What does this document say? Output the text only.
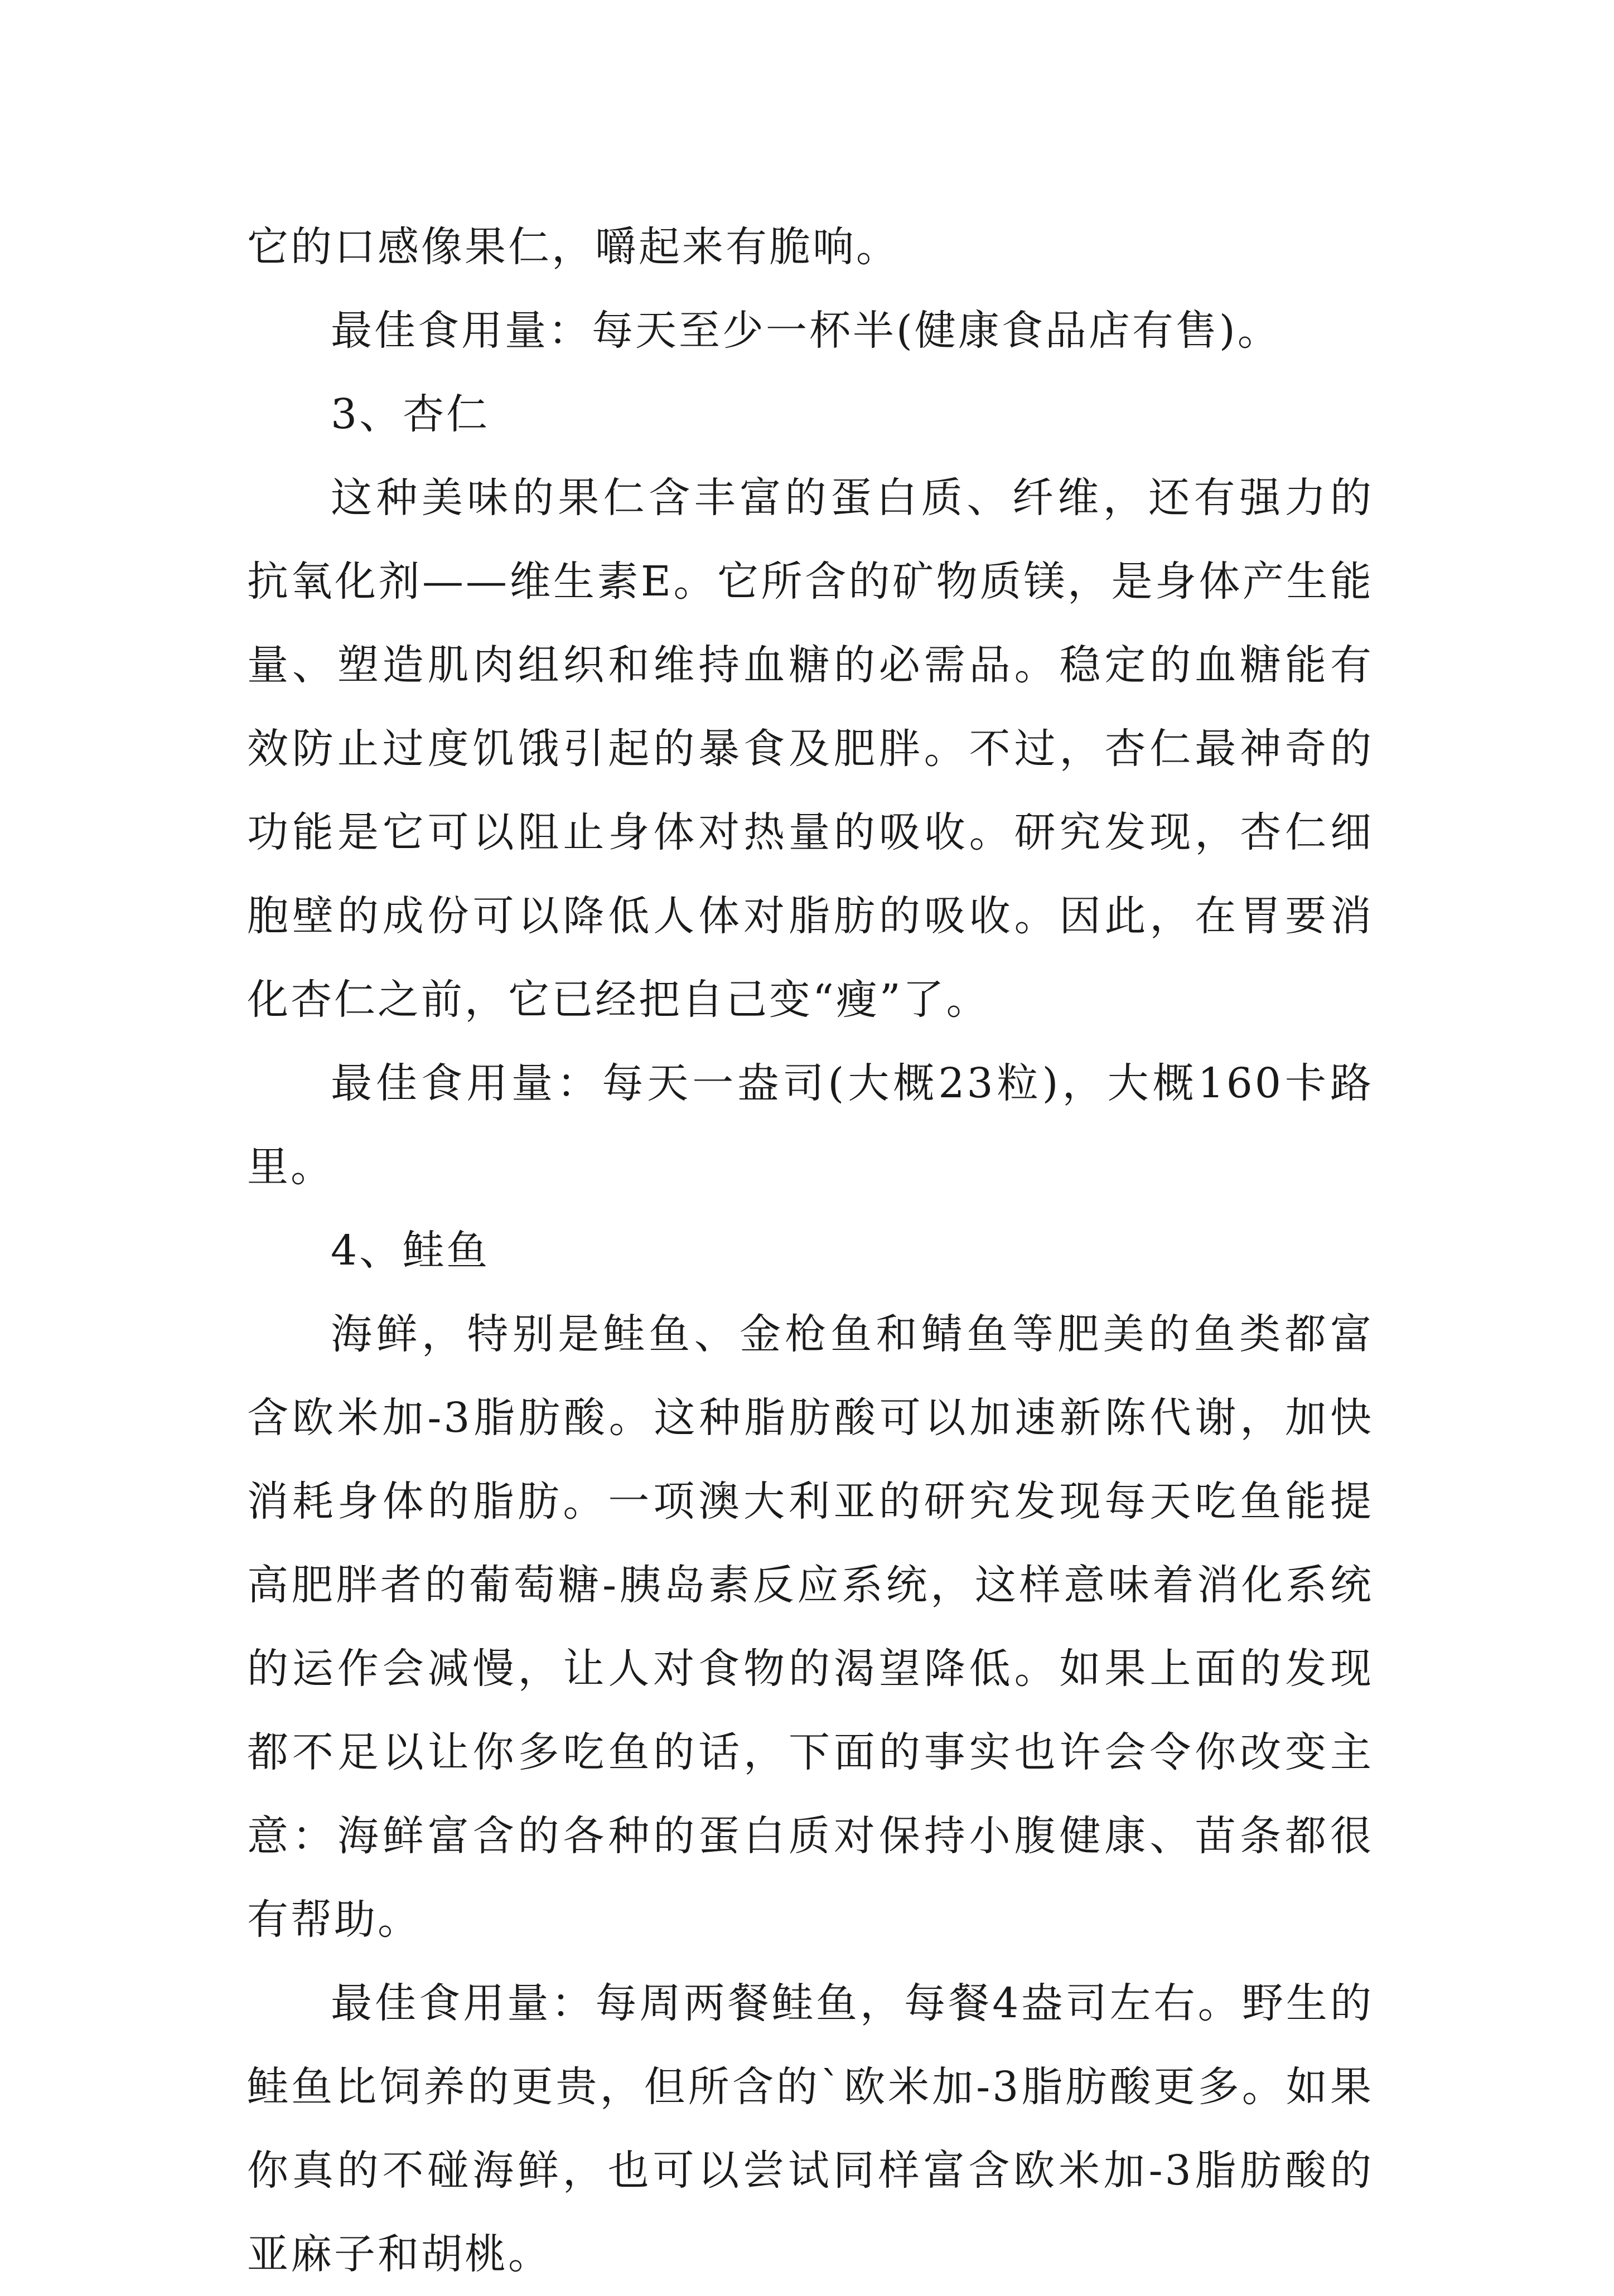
它的口感像果仁，嚼起来有脆响。

最佳食用量：每天至少一杯半(健康食品店有售)。

3、杏仁

这种美味的果仁含丰富的蛋白质、纤维，还有强力的抗氧化剂——维生素E。它所含的矿物质镁，是身体产生能量、塑造肌肉组织和维持血糖的必需品。稳定的血糖能有效防止过度饥饿引起的暴食及肥胖。不过，杏仁最神奇的功能是它可以阻止身体对热量的吸收。研究发现，杏仁细胞壁的成份可以降低人体对脂肪的吸收。因此，在胃要消化杏仁之前，它已经把自己变“瘦”了。

最佳食用量：每天一盎司(大概23粒)，大概160卡路里。

4、鲑鱼

海鲜，特别是鲑鱼、金枪鱼和鲭鱼等肥美的鱼类都富含欧米加-3脂肪酸。这种脂肪酸可以加速新陈代谢，加快消耗身体的脂肪。一项澳大利亚的研究发现每天吃鱼能提高肥胖者的葡萄糖-胰岛素反应系统，这样意味着消化系统的运作会减慢，让人对食物的渴望降低。如果上面的发现都不足以让你多吃鱼的话，下面的事实也许会令你改变主意：海鲜富含的各种的蛋白质对保持小腹健康、苗条都很有帮助。

最佳食用量：每周两餐鲑鱼，每餐4盎司左右。野生的鲑鱼比饲养的更贵，但所含的`欧米加-3脂肪酸更多。如果你真的不碰海鲜，也可以尝试同样富含欧米加-3脂肪酸的亚麻子和胡桃。
